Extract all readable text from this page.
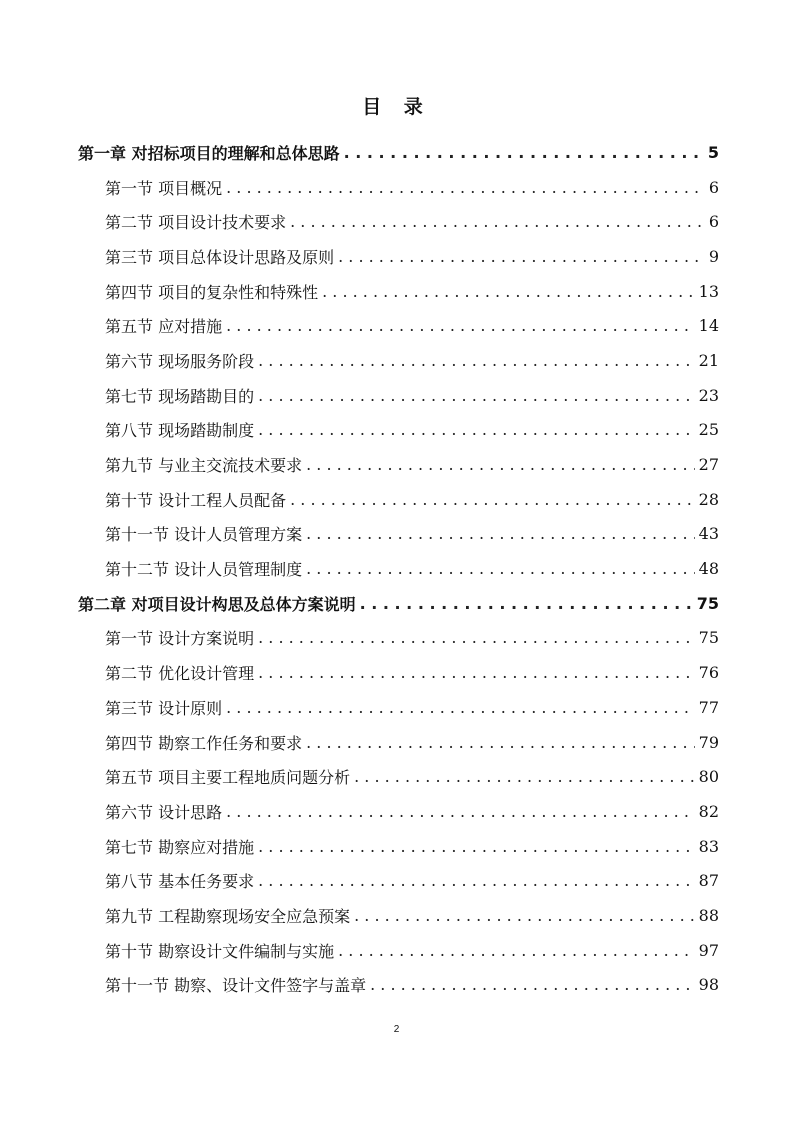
目 录
第一章 对招标项目的理解和总体思路 . . .	5
第一节 项目概况 . . .	6
第二节 项目设计技术要求 . . .	6
第三节 项目总体设计思路及原则 . . .	9
第四节 项目的复杂性和特殊性 . . .	13
第五节 应对措施 . . .	14
第六节 现场服务阶段 . . .	21
第七节 现场踏勘目的 . . .	23
第八节 现场踏勘制度 . . .	25
第九节 与业主交流技术要求 . . .	27
第十节 设计工程人员配备 . . .	28
第十一节 设计人员管理方案 . . .	43
第十二节 设计人员管理制度 . . .	48
第二章 对项目设计构思及总体方案说明 . . .	75
第一节 设计方案说明 . . .	75
第二节 优化设计管理 . . .	76
第三节 设计原则 . . .	77
第四节 勘察工作任务和要求 . . .	79
第五节 项目主要工程地质问题分析 . . .	80
第六节 设计思路 . . .	82
第七节 勘察应对措施 . . .	83
第八节 基本任务要求 . . .	87
第九节 工程勘察现场安全应急预案 . . .	88
第十节 勘察设计文件编制与实施 . . .	97
第十一节 勘察、设计文件签字与盖章 . . .	98
2
